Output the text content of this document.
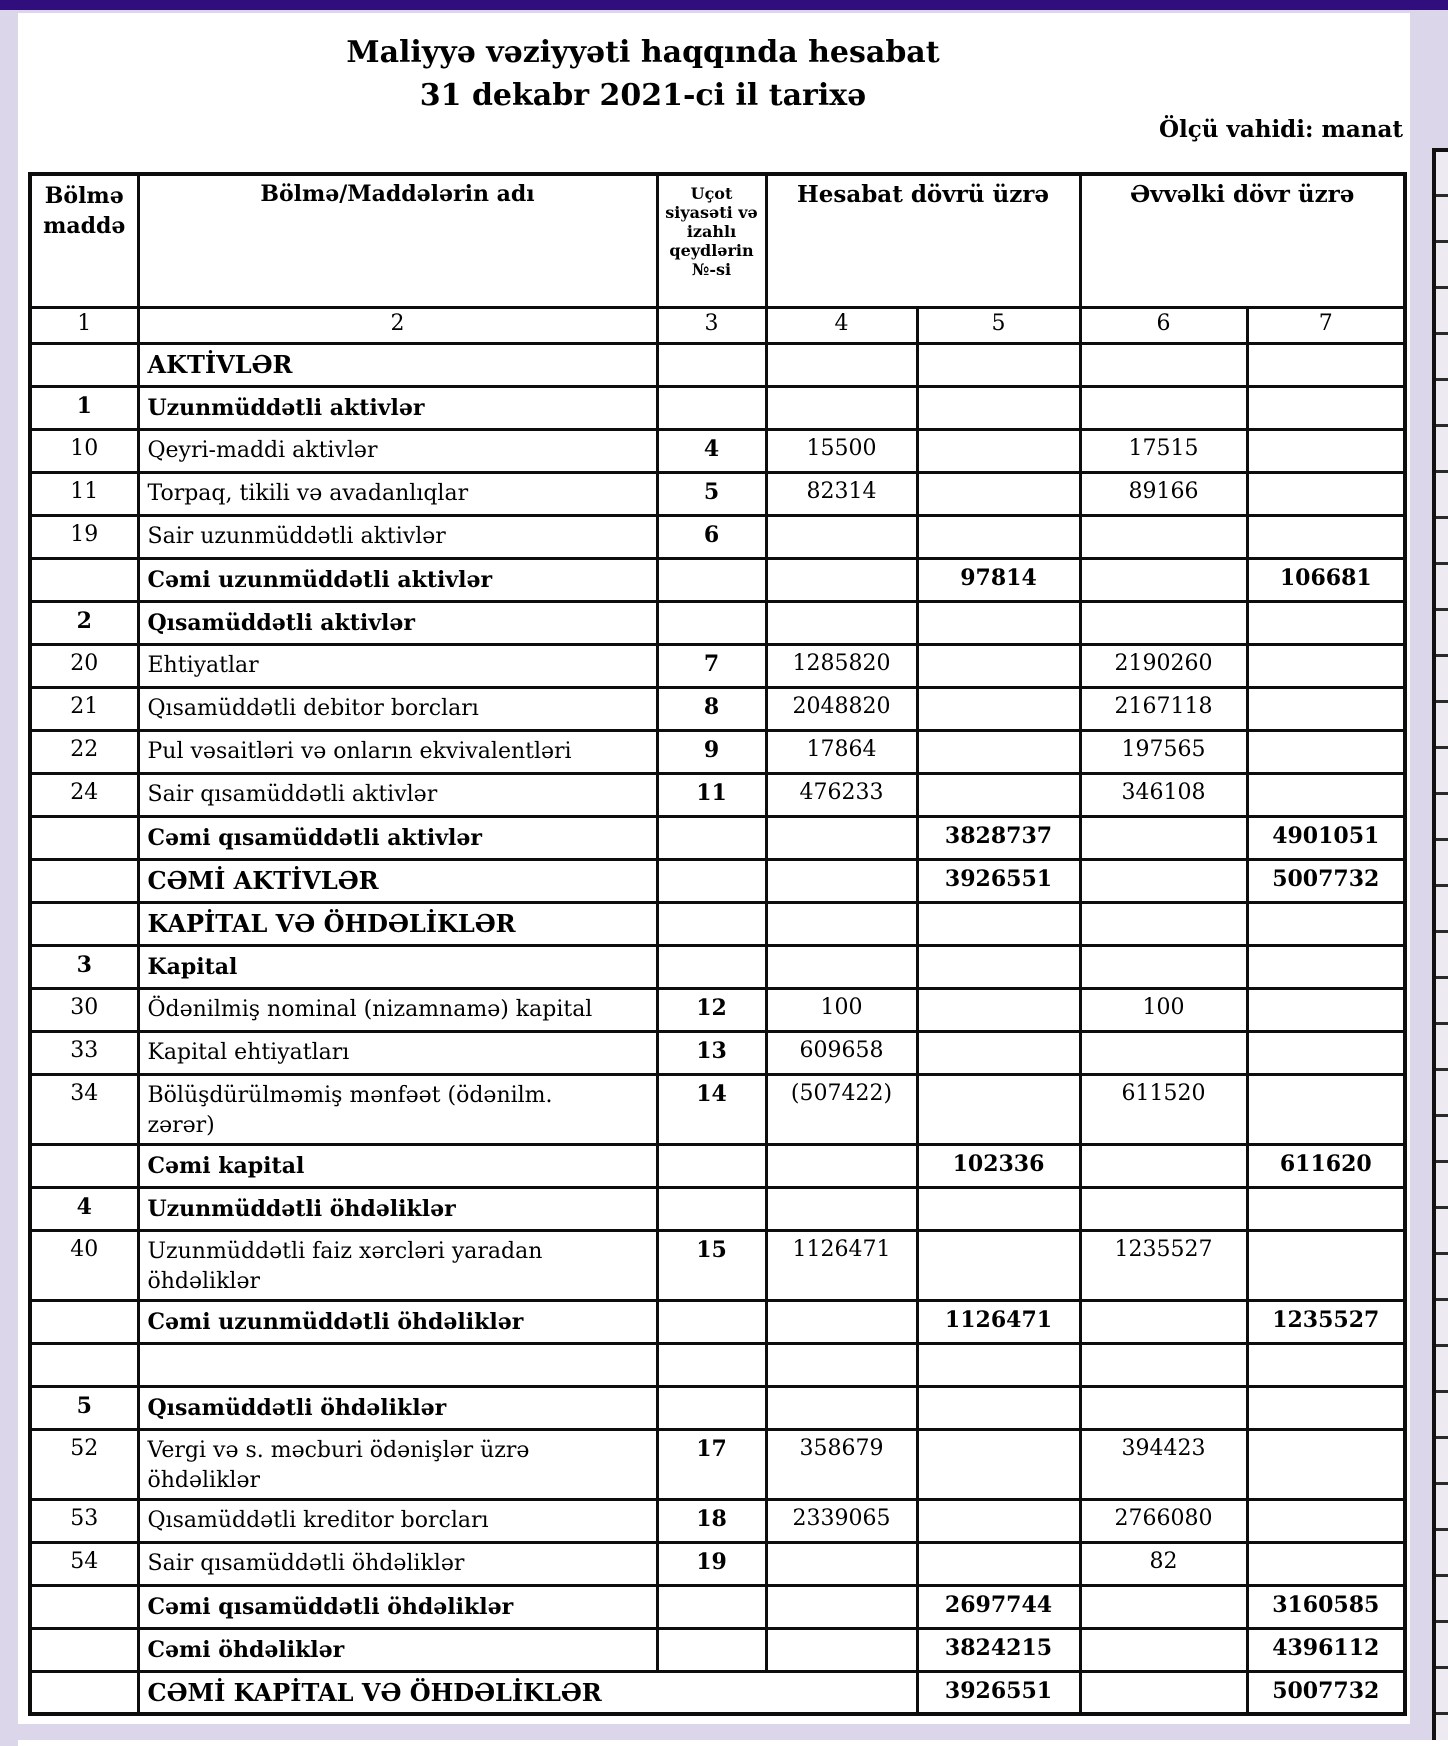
Maliyyə vəziyyəti haqqında hesabat
31 dekabr 2021-ci il tarixə
Ölçü vahidi: manat
Bölmə
maddə	Bölmə/Maddələrin adı	Uçot siyasəti və izahlı qeydlərin №-si	Hesabat dövrü üzrə		Əvvəlki dövr üzrə	
1	2	3	4	5	6	7
	AKTİVLƏR					
1	Uzunmüddətli aktivlər					
10	Qeyri-maddi aktivlər	4	15500		17515	
11	Torpaq, tikili və avadanlıqlar	5	82314		89166	
19	Sair uzunmüddətli aktivlər	6				
	Cəmi uzunmüddətli aktivlər			97814		106681
2	Qısamüddətli aktivlər					
20	Ehtiyatlar	7	1285820		2190260	
21	Qısamüddətli debitor borcları	8	2048820		2167118	
22	Pul vəsaitləri və onların ekvivalentləri	9	17864		197565	
24	Sair qısamüddətli aktivlər	11	476233		346108	
	Cəmi qısamüddətli aktivlər			3828737		4901051
	CƏMİ AKTİVLƏR			3926551		5007732
	KAPİTAL VƏ ÖHDƏLİKLƏR					
3	Kapital					
30	Ödənilmiş nominal (nizamnamə) kapital	12	100		100	
33	Kapital ehtiyatları	13	609658			
34	Bölüşdürülməmiş mənfəət (ödənilm. zərər)	14	(507422)		611520	
	Cəmi kapital			102336		611620
4	Uzunmüddətli öhdəliklər					
40	Uzunmüddətli faiz xərcləri yaradan öhdəliklər	15	1126471		1235527	
	Cəmi uzunmüddətli öhdəliklər			1126471		1235527

5	Qısamüddətli öhdəliklər					
52	Vergi və s. məcburi ödənişlər üzrə öhdəliklər	17	358679		394423	
53	Qısamüddətli kreditor borcları	18	2339065		2766080	
54	Sair qısamüddətli öhdəliklər	19			82	
	Cəmi qısamüddətli öhdəliklər			2697744		3160585
	Cəmi öhdəliklər			3824215		4396112
	CƏMİ KAPİTAL VƏ ÖHDƏLİKLƏR			3926551		5007732
